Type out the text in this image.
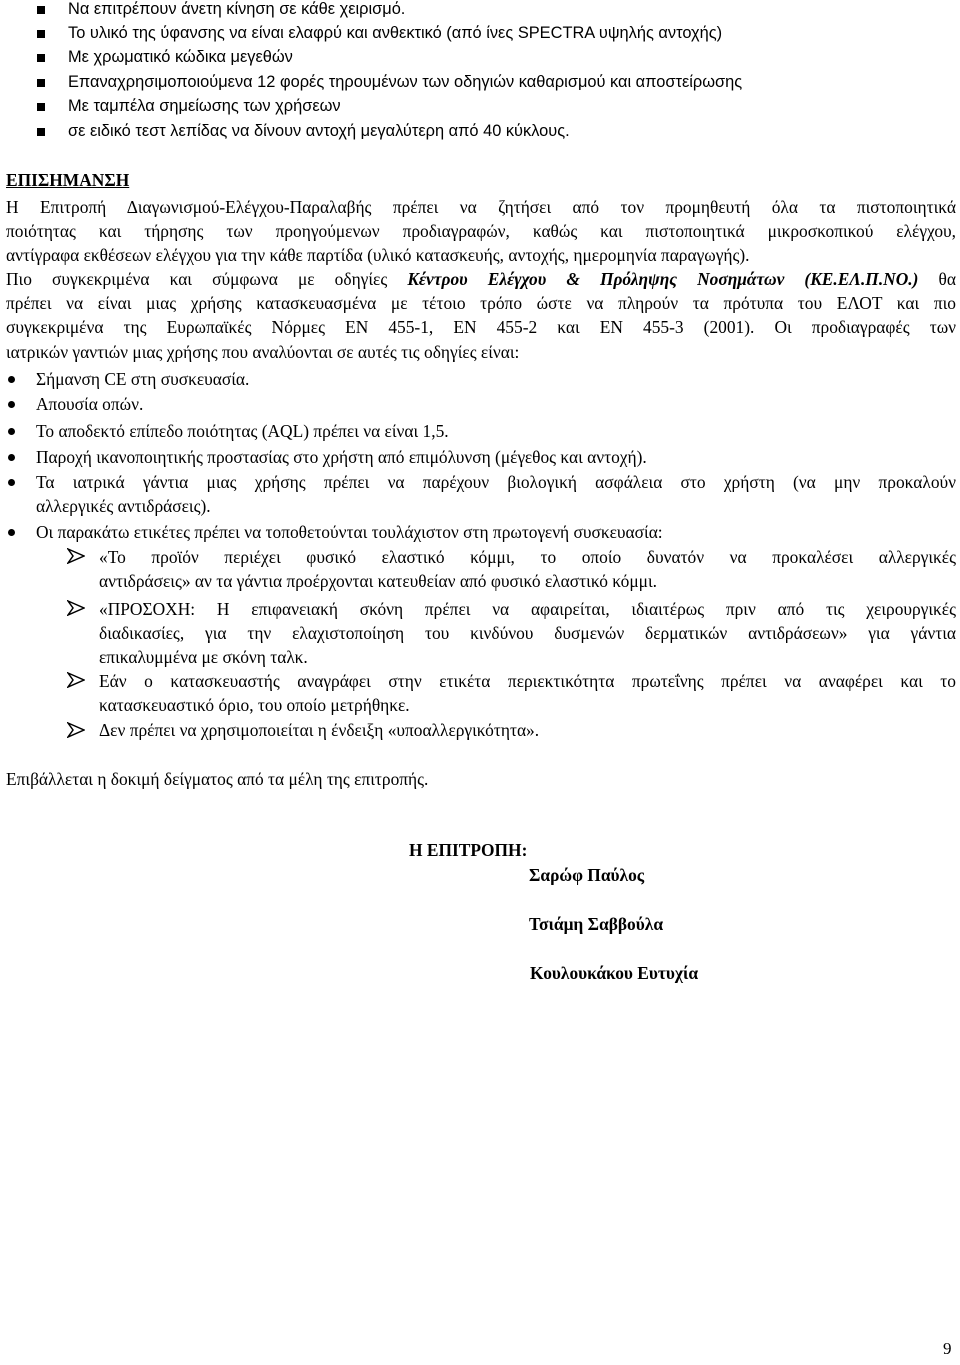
Να επιτρέπουν άνετη κίνηση σε κάθε χειρισμό.
Το υλικό της ύφανσης να είναι ελαφρύ και ανθεκτικό (από ίνες SPECTRA υψηλής αντοχής)
Με χρωματικό κώδικα μεγεθών
Επαναχρησιμοποιούμενα 12 φορές τηρουμένων των οδηγιών καθαρισμού και αποστείρωσης
Με ταμπέλα σημείωσης των χρήσεων
σε ειδικό τεστ λεπίδας να δίνουν αντοχή μεγαλύτερη από 40 κύκλους.
ΕΠΙΣΗΜΑΝΣΗ
Η Επιτροπή Διαγωνισμού-Ελέγχου-Παραλαβής πρέπει να ζητήσει από τον προμηθευτή όλα τα πιστοποιητικά
ποιότητας και τήρησης των προηγούμενων προδιαγραφών, καθώς και πιστοποιητικά μικροσκοπικού ελέγχου,
αντίγραφα εκθέσεων ελέγχου για την κάθε παρτίδα (υλικό κατασκευής, αντοχής, ημερομηνία παραγωγής).
Πιο συγκεκριμένα και σύμφωνα με οδηγίες Κέντρου Ελέγχου & Πρόληψης Νοσημάτων (ΚΕ.ΕΛ.Π.ΝΟ.) θα
πρέπει να είναι μιας χρήσης κατασκευασμένα με τέτοιο τρόπο ώστε να πληρούν τα πρότυπα του ΕΛΟΤ και πιο
συγκεκριμένα της Ευρωπαϊκές Νόρμες EN 455-1, EN 455-2 και EN 455-3 (2001). Οι προδιαγραφές των
ιατρικών γαντιών μιας χρήσης που αναλύονται σε αυτές τις οδηγίες είναι:
Σήμανση CE στη συσκευασία.
Απουσία οπών.
Το αποδεκτό επίπεδο ποιότητας (AQL) πρέπει να είναι 1,5.
Παροχή ικανοποιητικής προστασίας στο χρήστη από επιμόλυνση (μέγεθος και αντοχή).
Τα ιατρικά γάντια μιας χρήσης πρέπει να παρέχουν βιολογική ασφάλεια στο χρήστη (να μην προκαλούν
αλλεργικές αντιδράσεις).
Οι παρακάτω ετικέτες πρέπει να τοποθετούνται τουλάχιστον στη πρωτογενή συσκευασία:
«Το προϊόν περιέχει φυσικό ελαστικό κόμμι, το οποίο δυνατόν να προκαλέσει αλλεργικές
αντιδράσεις» αν τα γάντια προέρχονται κατευθείαν από φυσικό ελαστικό κόμμι.
«ΠΡΟΣΟΧΗ: Η επιφανειακή σκόνη πρέπει να αφαιρείται, ιδιαιτέρως πριν από τις χειρουργικές
διαδικασίες, για την ελαχιστοποίηση του κινδύνου δυσμενών δερματικών αντιδράσεων» για γάντια
επικαλυμμένα με σκόνη ταλκ.
Εάν ο κατασκευαστής αναγράφει στην ετικέτα περιεκτικότητα πρωτεΐνης πρέπει να αναφέρει και το
κατασκευαστικό όριο, του οποίο μετρήθηκε.
Δεν πρέπει να χρησιμοποιείται η ένδειξη «υποαλλεργικότητα».
Επιβάλλεται η δοκιμή δείγματος από τα μέλη της επιτροπής.
Η ΕΠΙΤΡΟΠΗ:
Σαρώφ Παύλος
Τσιάμη Σαββούλα
Κουλουκάκου Ευτυχία
9
